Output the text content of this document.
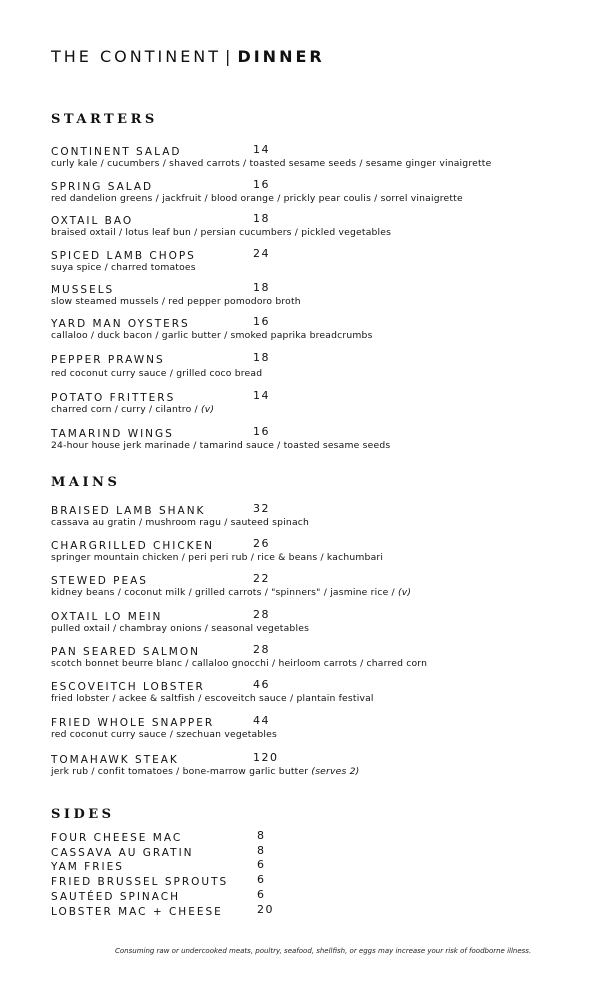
THE CONTINENT | DINNER
STARTERS
CONTINENT SALAD	14
curly kale / cucumbers / shaved carrots / toasted sesame seeds / sesame ginger vinaigrette
SPRING SALAD	16
red dandelion greens / jackfruit / blood orange / prickly pear coulis / sorrel vinaigrette
OXTAIL BAO	18
braised oxtail / lotus leaf bun / persian cucumbers / pickled vegetables
SPICED LAMB CHOPS	24
suya spice / charred tomatoes
MUSSELS	18
slow steamed mussels / red pepper pomodoro broth
YARD MAN OYSTERS	16
callaloo / duck bacon / garlic butter / smoked paprika breadcrumbs
PEPPER PRAWNS	18
red coconut curry sauce / grilled coco bread
POTATO FRITTERS	14
charred corn / curry / cilantro / (v)
TAMARIND WINGS	16
24-hour house jerk marinade / tamarind sauce / toasted sesame seeds
MAINS
BRAISED LAMB SHANK	32
cassava au gratin / mushroom ragu / sauteed spinach
CHARGRILLED CHICKEN	26
springer mountain chicken / peri peri rub / rice & beans / kachumbari
STEWED PEAS	22
kidney beans / coconut milk / grilled carrots / "spinners" / jasmine rice / (v)
OXTAIL LO MEIN	28
pulled oxtail / chambray onions / seasonal vegetables
PAN SEARED SALMON	28
scotch bonnet beurre blanc / callaloo gnocchi / heirloom carrots / charred corn
ESCOVEITCH LOBSTER	46
fried lobster / ackee & saltfish / escoveitch sauce / plantain festival
FRIED WHOLE SNAPPER	44
red coconut curry sauce / szechuan vegetables
TOMAHAWK STEAK	120
jerk rub / confit tomatoes / bone-marrow garlic butter (serves 2)
SIDES
FOUR CHEESE MAC	8
CASSAVA AU GRATIN	8
YAM FRIES	6
FRIED BRUSSEL SPROUTS	6
SAUTÉED SPINACH	6
LOBSTER MAC + CHEESE	20
Consuming raw or undercooked meats, poultry, seafood, shellfish, or eggs may increase your risk of foodborne illness.
